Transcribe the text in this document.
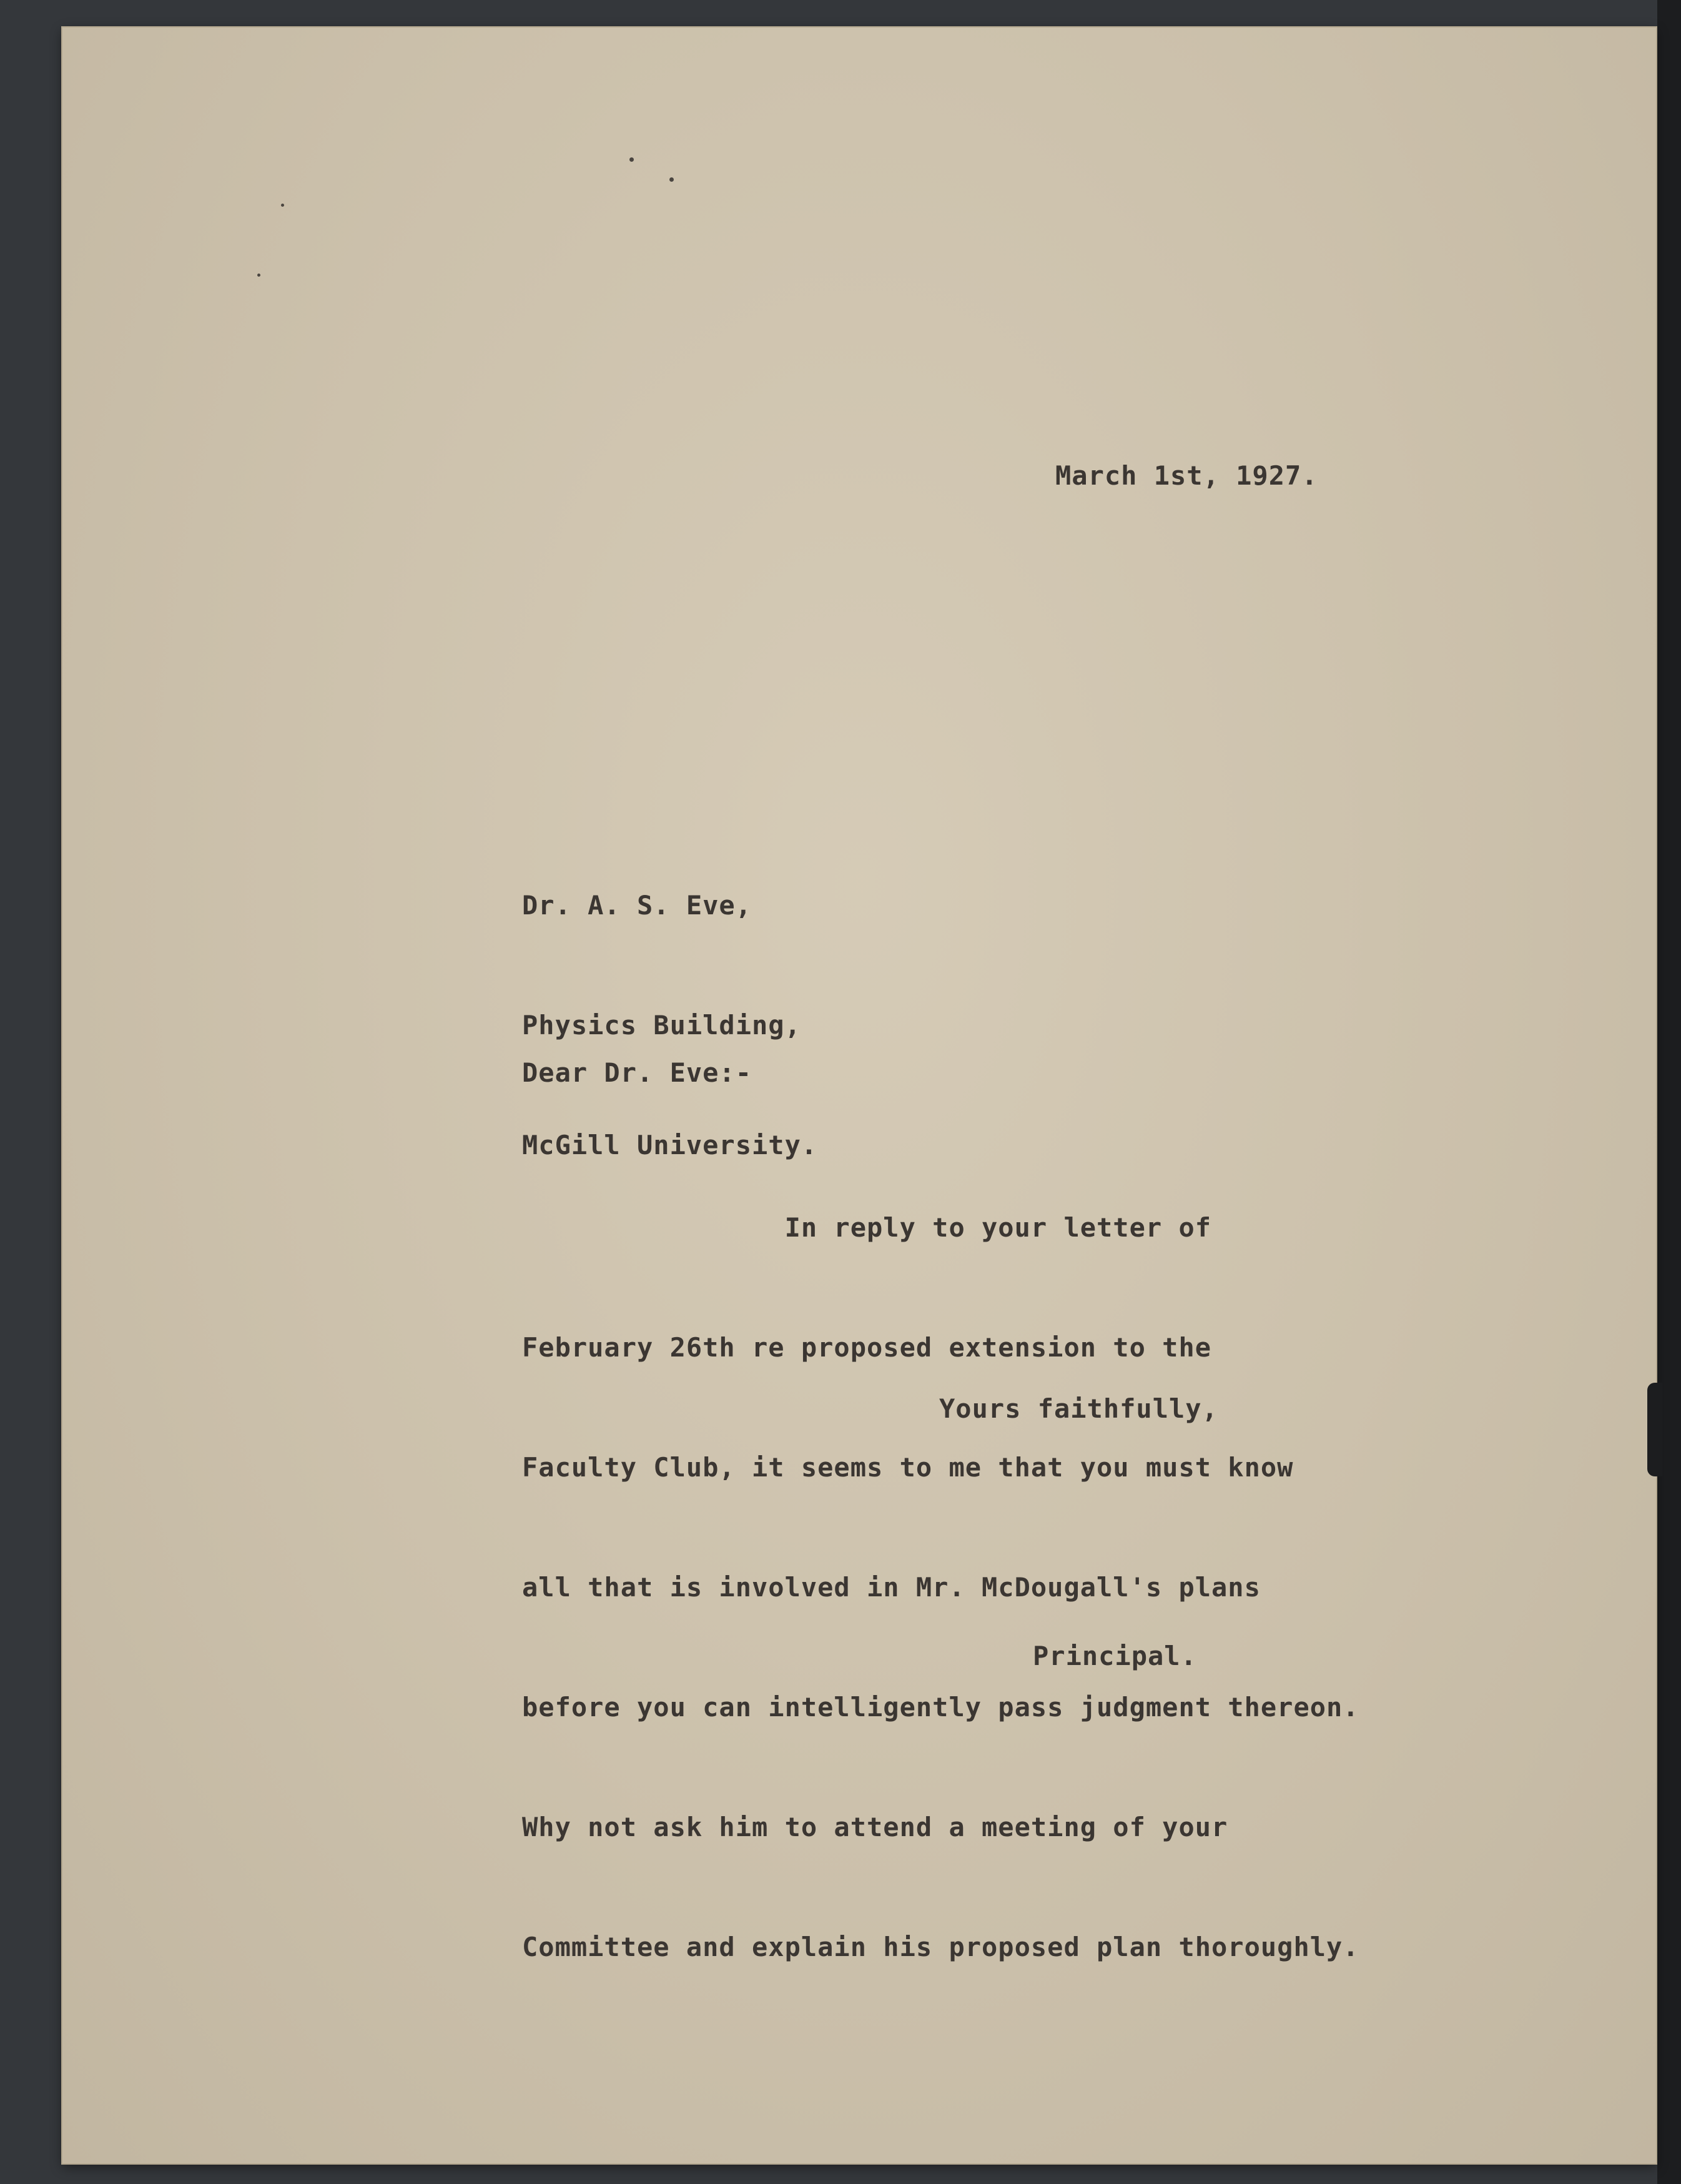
March 1st, 1927.

Dr. A. S. Eve,

Physics Building,

McGill University.

Dear Dr. Eve:-

In reply to your letter of

February 26th re proposed extension to the

Faculty Club, it seems to me that you must know

all that is involved in Mr. McDougall's plans

before you can intelligently pass judgment thereon.

Why not ask him to attend a meeting of your

Committee and explain his proposed plan thoroughly.

Yours faithfully,
Principal.
